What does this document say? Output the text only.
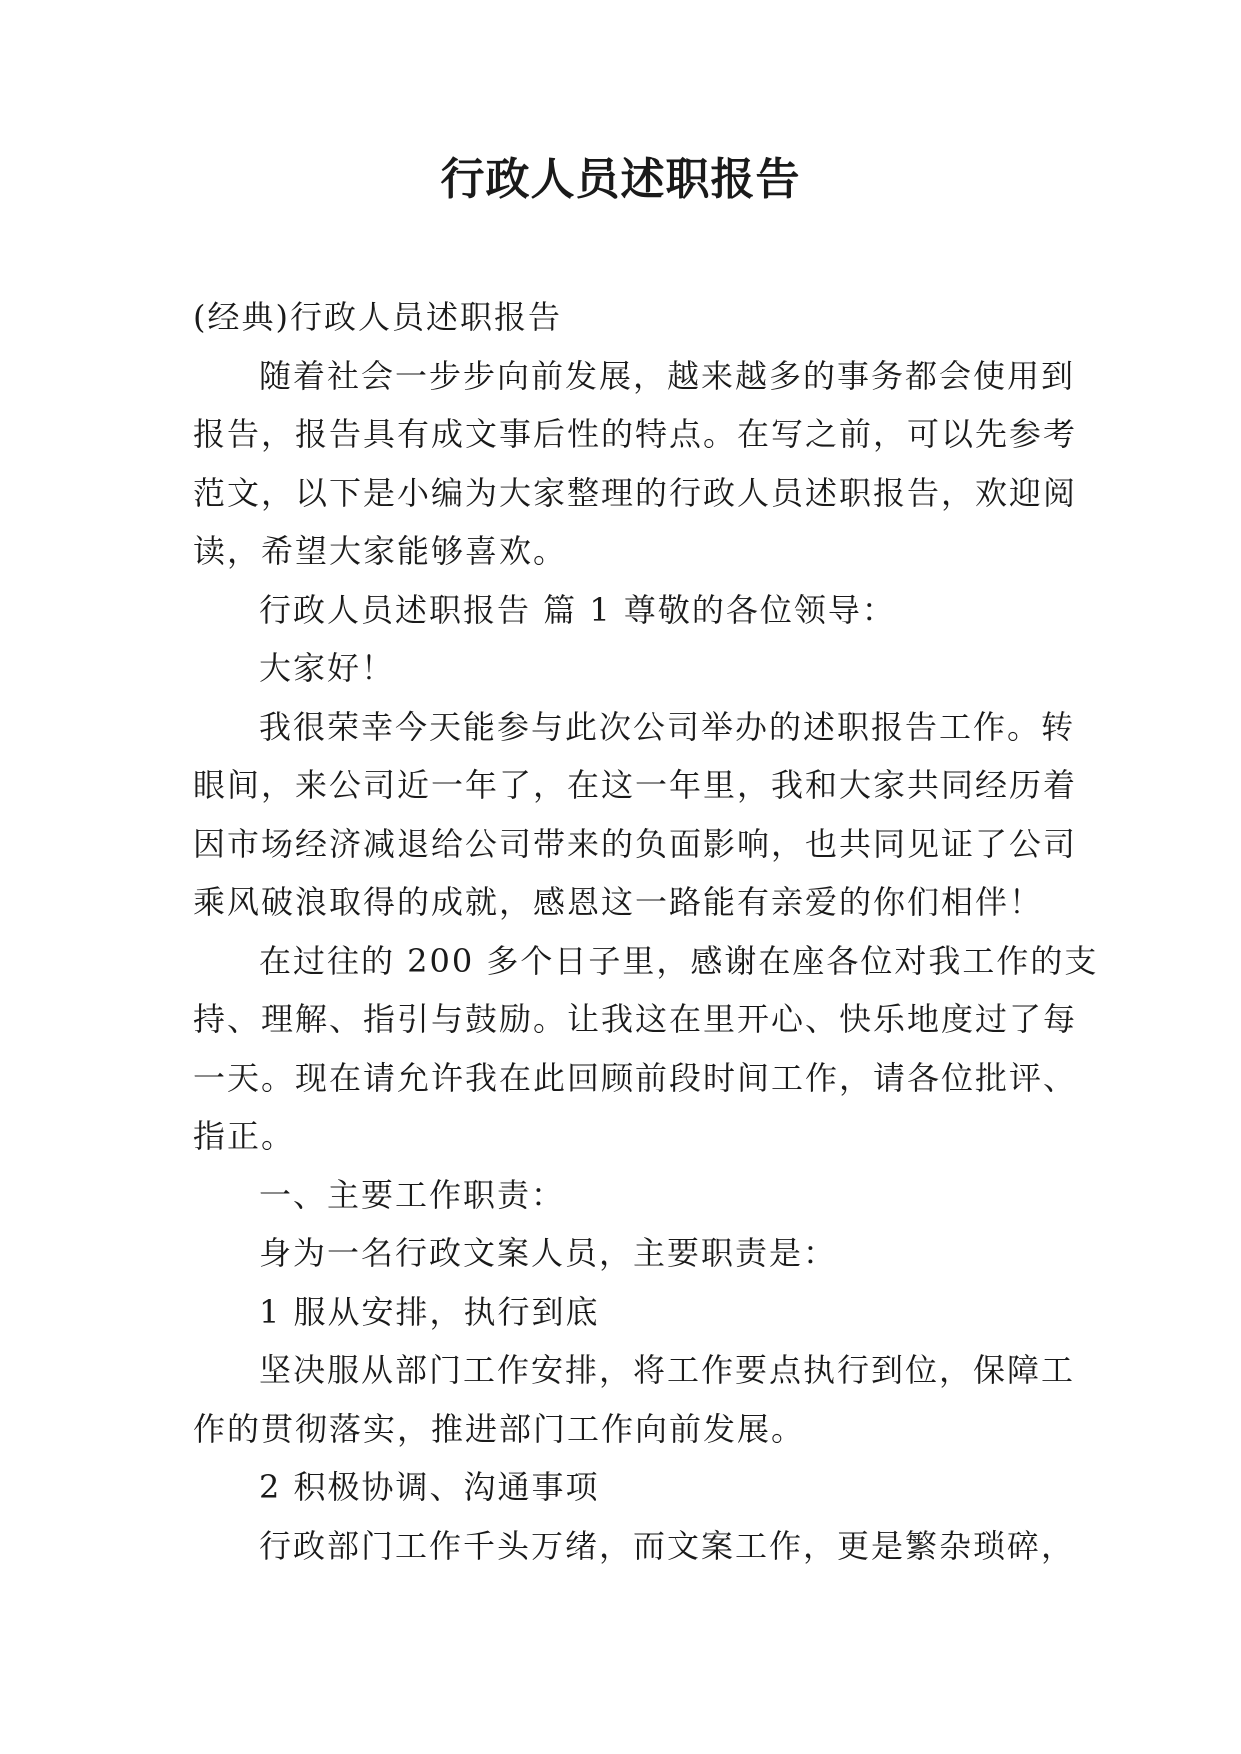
行政人员述职报告

(经典)行政人员述职报告

随着社会一步步向前发展，越来越多的事务都会使用到

报告，报告具有成文事后性的特点。在写之前，可以先参考

范文，以下是小编为大家整理的行政人员述职报告，欢迎阅

读，希望大家能够喜欢。

行政人员述职报告 篇 1 尊敬的各位领导：

大家好！

我很荣幸今天能参与此次公司举办的述职报告工作。转

眼间，来公司近一年了，在这一年里，我和大家共同经历着

因市场经济减退给公司带来的负面影响，也共同见证了公司

乘风破浪取得的成就，感恩这一路能有亲爱的你们相伴！

在过往的 200 多个日子里，感谢在座各位对我工作的支

持、理解、指引与鼓励。让我这在里开心、快乐地度过了每

一天。现在请允许我在此回顾前段时间工作，请各位批评、

指正。

一、主要工作职责：

身为一名行政文案人员，主要职责是：

1 服从安排，执行到底

坚决服从部门工作安排，将工作要点执行到位，保障工

作的贯彻落实，推进部门工作向前发展。

2 积极协调、沟通事项

行政部门工作千头万绪，而文案工作，更是繁杂琐碎，
